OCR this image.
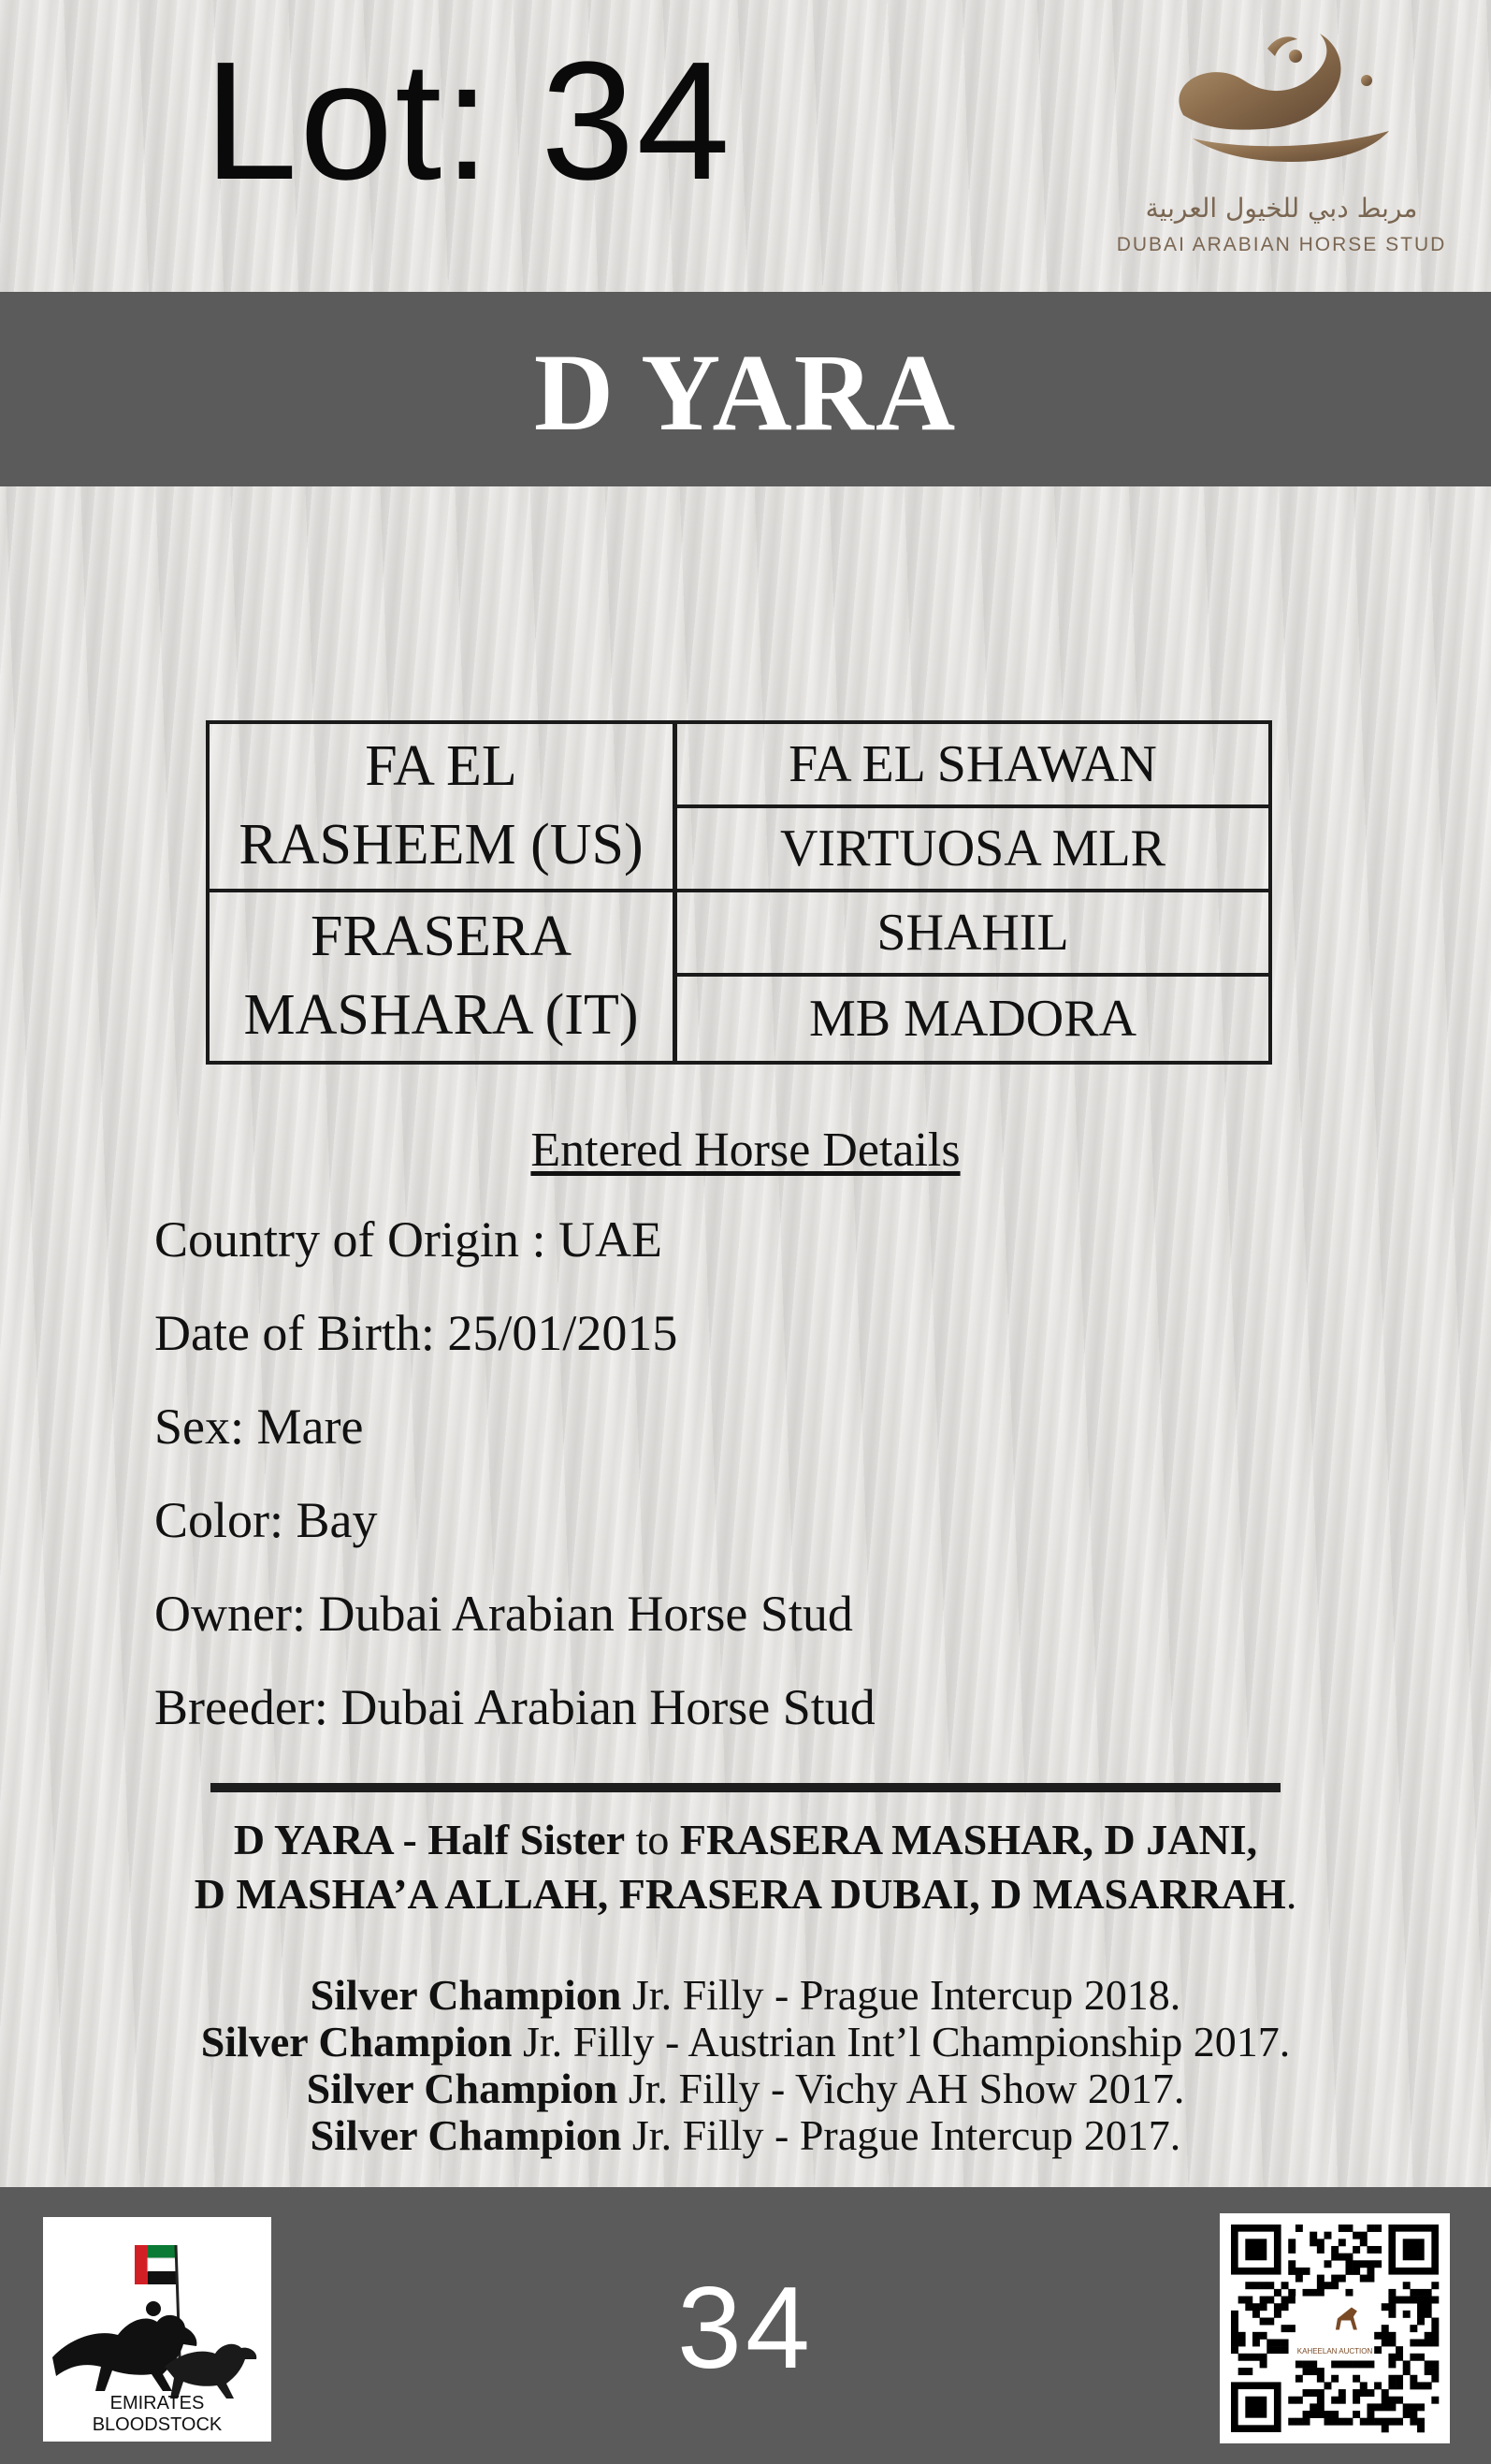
Lot: 34	مربط دبي للخيول العربية
DUBAI ARABIAN HORSE STUD
D YARA
FA EL
RASHEEM (US)
FRASERA
MASHARA (IT)
FA EL SHAWAN
VIRTUOSA MLR
SHAHIL
MB MADORA
Entered Horse Details
Country of Origin : UAE
Date of Birth: 25/01/2015
Sex: Mare
Color: Bay
Owner: Dubai Arabian Horse Stud
Breeder: Dubai Arabian Horse Stud
D YARA - Half Sister to FRASERA MASHAR, D JANI,
D MASHA’A ALLAH, FRASERA DUBAI, D MASARRAH.
Silver Champion Jr. Filly - Prague Intercup 2018.
Silver Champion Jr. Filly - Austrian Int’l Championship 2017.
Silver Champion Jr. Filly - Vichy AH Show 2017.
Silver Champion Jr. Filly - Prague Intercup 2017.
EMIRATES BLOODSTOCK
34	KAHEELAN AUCTION
